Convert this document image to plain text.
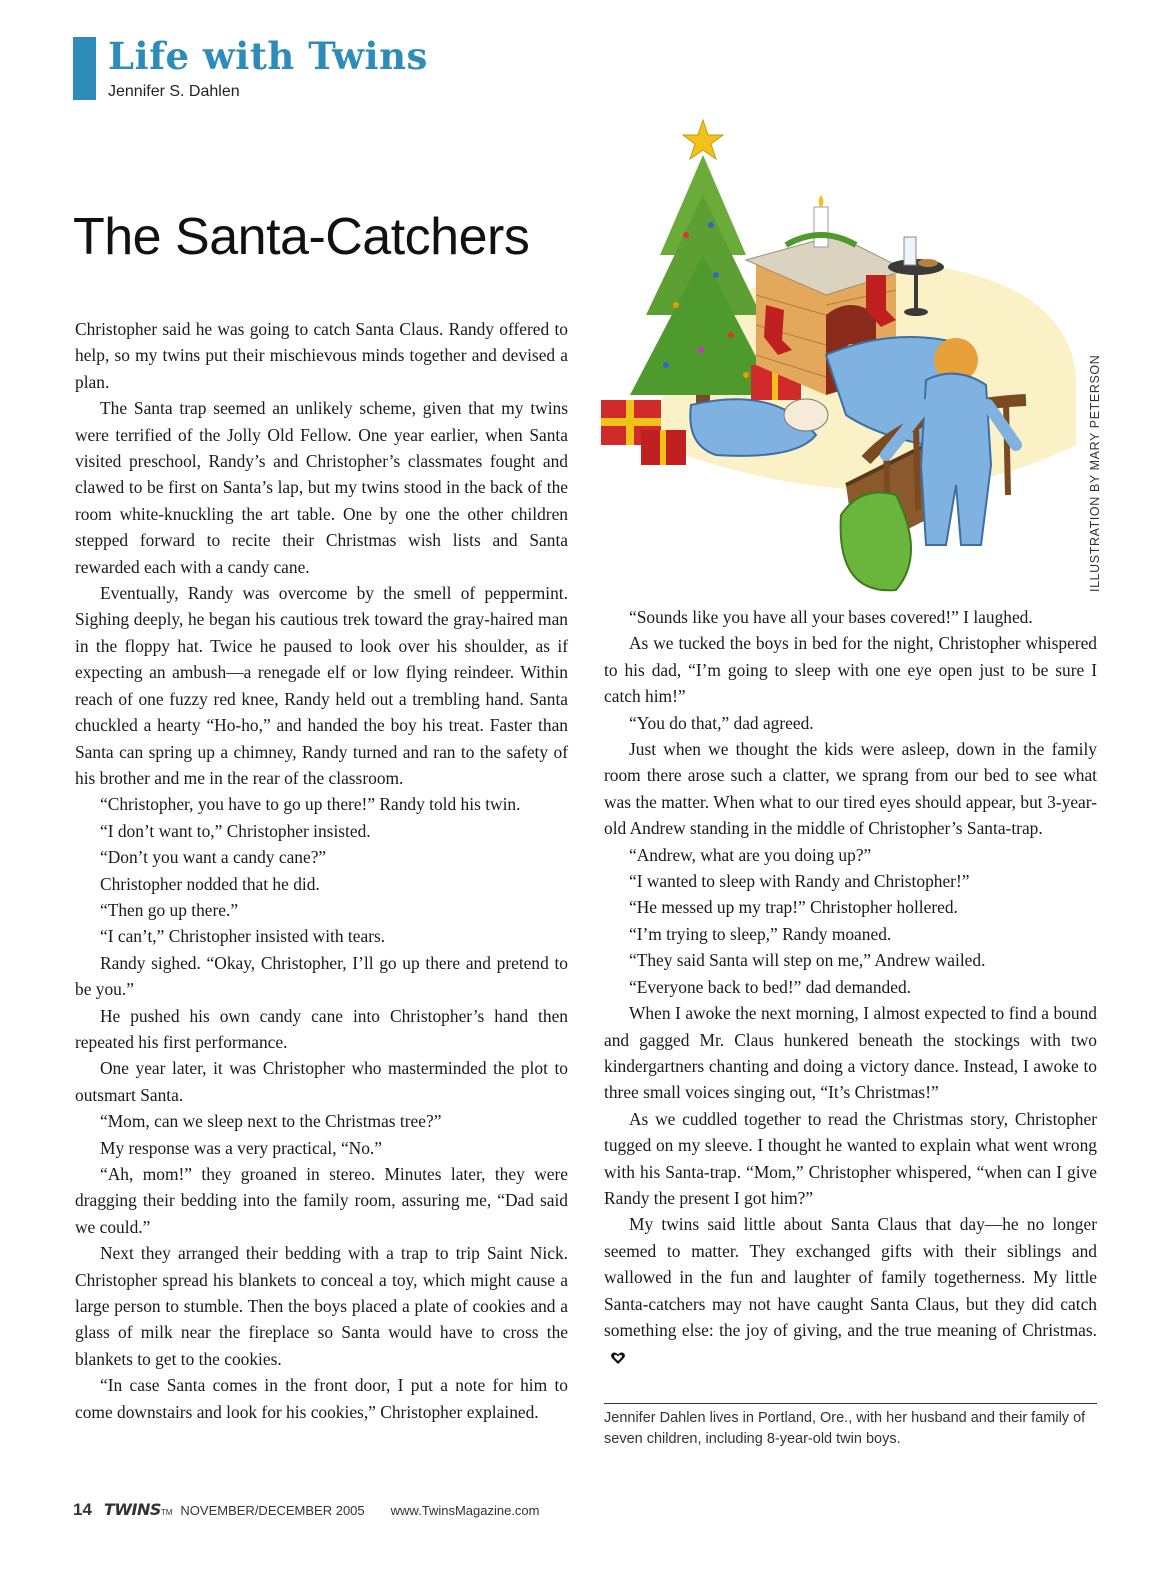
Life with Twins
Jennifer S. Dahlen
The Santa-Catchers
ILLUSTRATION BY MARY PETERSON

Christopher said he was going to catch Santa Claus. Randy offered to help, so my twins put their mischievous minds together and devised a plan.

The Santa trap seemed an unlikely scheme, given that my twins were terrified of the Jolly Old Fellow. One year earlier, when Santa visited preschool, Randy’s and Christopher’s classmates fought and clawed to be first on Santa’s lap, but my twins stood in the back of the room white-knuckling the art table. One by one the other children stepped forward to recite their Christmas wish lists and Santa rewarded each with a candy cane.

Eventually, Randy was overcome by the smell of peppermint. Sighing deeply, he began his cautious trek toward the gray-haired man in the floppy hat. Twice he paused to look over his shoulder, as if expecting an ambush—a renegade elf or low flying reindeer. Within reach of one fuzzy red knee, Randy held out a trembling hand. Santa chuckled a hearty “Ho-ho,” and handed the boy his treat. Faster than Santa can spring up a chimney, Randy turned and ran to the safety of his brother and me in the rear of the classroom.

“Christopher, you have to go up there!” Randy told his twin.

“I don’t want to,” Christopher insisted.

“Don’t you want a candy cane?”

Christopher nodded that he did.

“Then go up there.”

“I can’t,” Christopher insisted with tears.

Randy sighed. “Okay, Christopher, I’ll go up there and pretend to be you.”

He pushed his own candy cane into Christopher’s hand then repeated his first performance.

One year later, it was Christopher who masterminded the plot to outsmart Santa.

“Mom, can we sleep next to the Christmas tree?”

My response was a very practical, “No.”

“Ah, mom!” they groaned in stereo. Minutes later, they were dragging their bedding into the family room, assuring me, “Dad said we could.”

Next they arranged their bedding with a trap to trip Saint Nick. Christopher spread his blankets to conceal a toy, which might cause a large person to stumble. Then the boys placed a plate of cookies and a glass of milk near the fireplace so Santa would have to cross the blankets to get to the cookies.

“In case Santa comes in the front door, I put a note for him to come downstairs and look for his cookies,” Christopher explained.

“Sounds like you have all your bases covered!” I laughed.

As we tucked the boys in bed for the night, Christopher whispered to his dad, “I’m going to sleep with one eye open just to be sure I catch him!”

“You do that,” dad agreed.

Just when we thought the kids were asleep, down in the family room there arose such a clatter, we sprang from our bed to see what was the matter. When what to our tired eyes should appear, but 3-year-old Andrew standing in the middle of Christopher’s Santa-trap.

“Andrew, what are you doing up?”

“I wanted to sleep with Randy and Christopher!”

“He messed up my trap!” Christopher hollered.

“I’m trying to sleep,” Randy moaned.

“They said Santa will step on me,” Andrew wailed.

“Everyone back to bed!” dad demanded.

When I awoke the next morning, I almost expected to find a bound and gagged Mr. Claus hunkered beneath the stockings with two kindergartners chanting and doing a victory dance. Instead, I awoke to three small voices singing out, “It’s Christmas!”

As we cuddled together to read the Christmas story, Christopher tugged on my sleeve. I thought he wanted to explain what went wrong with his Santa-trap. “Mom,” Christopher whispered, “when can I give Randy the present I got him?”

My twins said little about Santa Claus that day—he no longer seemed to matter. They exchanged gifts with their siblings and wallowed in the fun and laughter of family togetherness. My little Santa-catchers may not have caught Santa Claus, but they did catch something else: the joy of giving, and the true meaning of Christmas.

Jennifer Dahlen lives in Portland, Ore., with her husband and their family of seven children, including 8-year-old twin boys.
14 TWINS TM NOVEMBER/DECEMBER 2005 www.TwinsMagazine.com
